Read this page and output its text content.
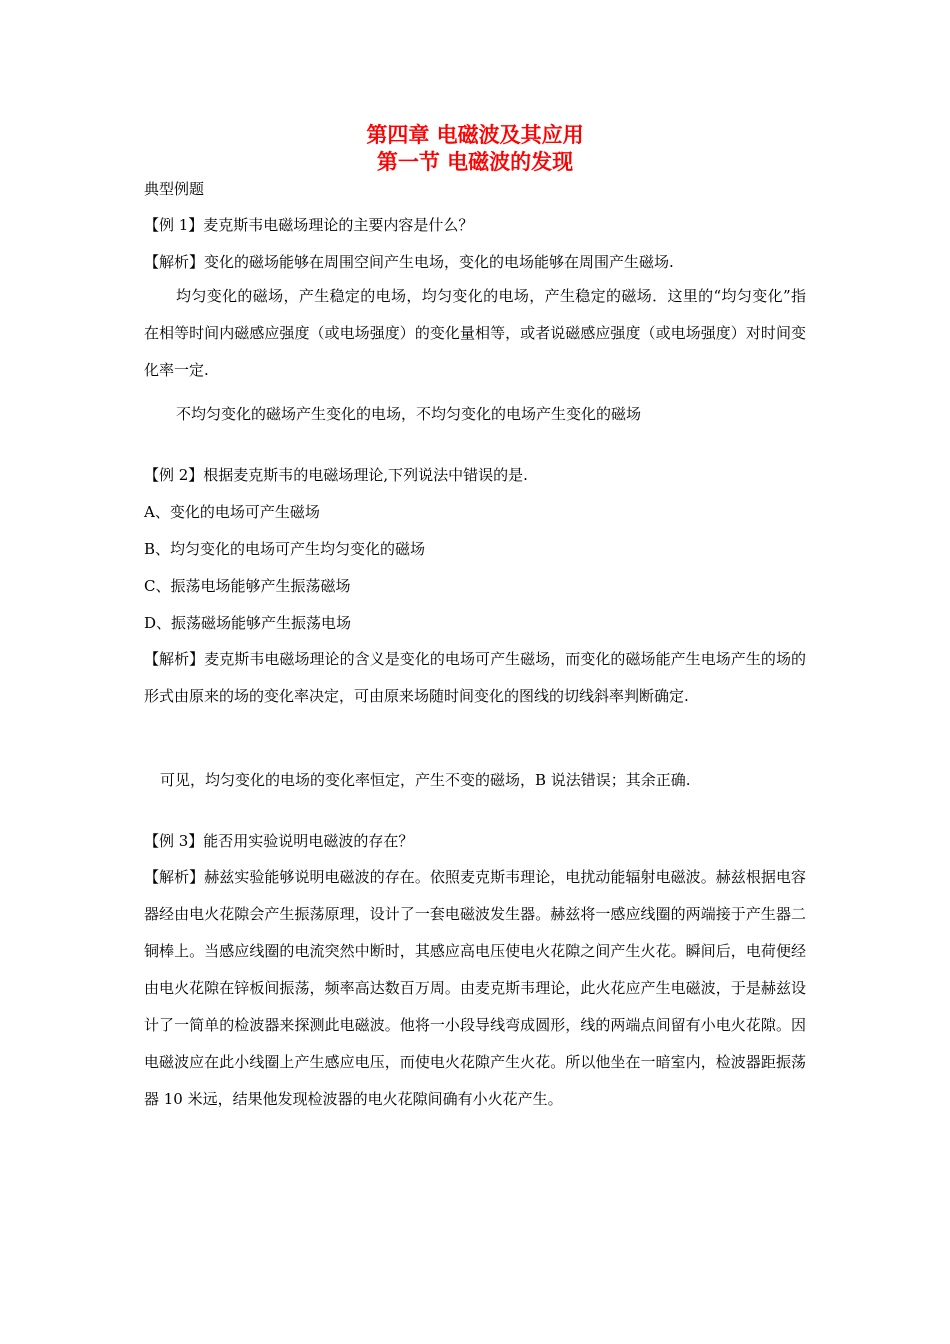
第四章 电磁波及其应用
第一节 电磁波的发现
典型例题
【例 1】麦克斯韦电磁场理论的主要内容是什么？
【解析】变化的磁场能够在周围空间产生电场，变化的电场能够在周围产生磁场.
均匀变化的磁场，产生稳定的电场，均匀变化的电场，产生稳定的磁场．这里的“均匀变化”指在相等时间内磁感应强度（或电场强度）的变化量相等，或者说磁感应强度（或电场强度）对时间变化率一定.
不均匀变化的磁场产生变化的电场，不均匀变化的电场产生变化的磁场
【例 2】根据麦克斯韦的电磁场理论,下列说法中错误的是.
A、变化的电场可产生磁场
B、均匀变化的电场可产生均匀变化的磁场
C、振荡电场能够产生振荡磁场
D、振荡磁场能够产生振荡电场
【解析】麦克斯韦电磁场理论的含义是变化的电场可产生磁场，而变化的磁场能产生电场产生的场的形式由原来的场的变化率决定，可由原来场随时间变化的图线的切线斜率判断确定.
可见，均匀变化的电场的变化率恒定，产生不变的磁场，B 说法错误；其余正确.
【例 3】能否用实验说明电磁波的存在？
【解析】赫兹实验能够说明电磁波的存在。依照麦克斯韦理论，电扰动能辐射电磁波。赫兹根据电容器经由电火花隙会产生振荡原理，设计了一套电磁波发生器。赫兹将一感应线圈的两端接于产生器二铜棒上。当感应线圈的电流突然中断时，其感应高电压使电火花隙之间产生火花。瞬间后，电荷便经由电火花隙在锌板间振荡，频率高达数百万周。由麦克斯韦理论，此火花应产生电磁波，于是赫兹设计了一简单的检波器来探测此电磁波。他将一小段导线弯成圆形，线的两端点间留有小电火花隙。因电磁波应在此小线圈上产生感应电压，而使电火花隙产生火花。所以他坐在一暗室内，检波器距振荡器 10 米远，结果他发现检波器的电火花隙间确有小火花产生。
